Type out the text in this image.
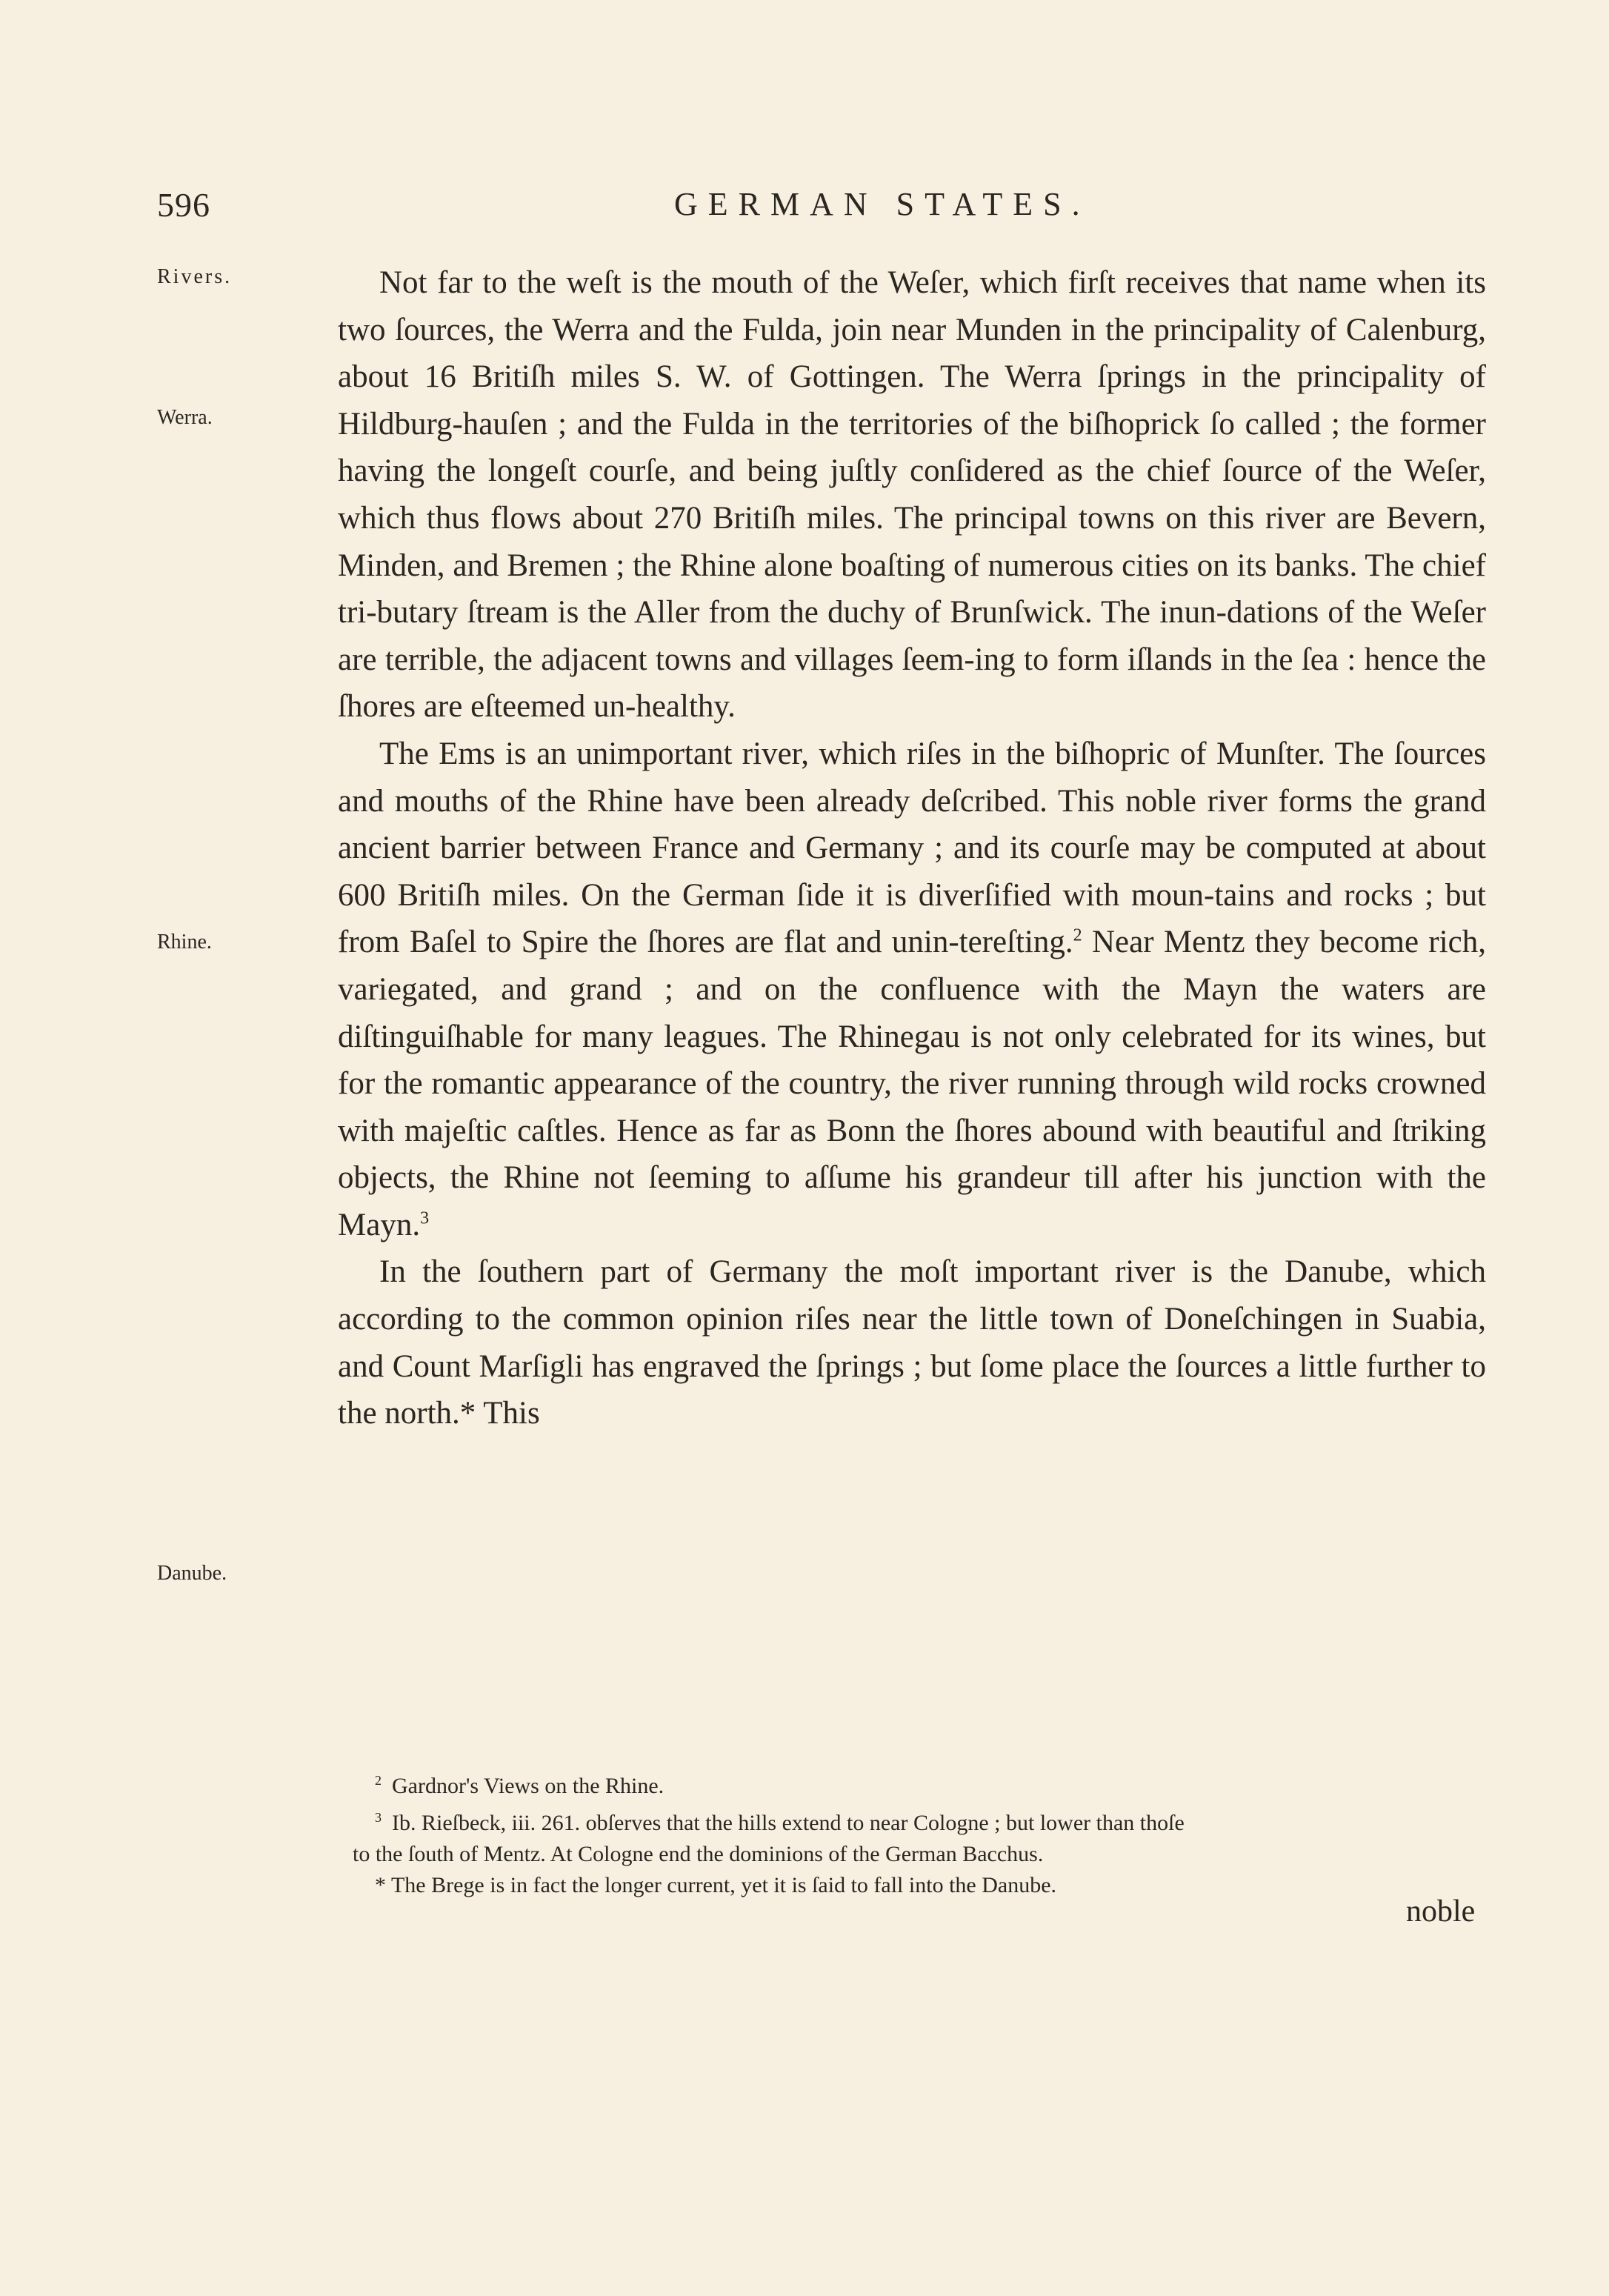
596	GERMAN STATES.
Rivers.
Werra.
Rhine.
Danube.

Not far to the weſt is the mouth of the Weſer, which firſt receives that name when its two ſources, the Werra and the Fulda, join near Munden in the principality of Calenburg, about 16 Britiſh miles S. W. of Gottingen. The Werra ſprings in the principality of Hildburg-hauſen ; and the Fulda in the territories of the biſhoprick ſo called ; the former having the longeſt courſe, and being juſtly conſidered as the chief ſource of the Weſer, which thus flows about 270 Britiſh miles. The principal towns on this river are Bevern, Minden, and Bremen ; the Rhine alone boaſting of numerous cities on its banks. The chief tri-butary ſtream is the Aller from the duchy of Brunſwick. The inun-dations of the Weſer are terrible, the adjacent towns and villages ſeem-ing to form iſlands in the ſea : hence the ſhores are eſteemed un-healthy.

The Ems is an unimportant river, which riſes in the biſhopric of Munſter. The ſources and mouths of the Rhine have been already deſcribed. This noble river forms the grand ancient barrier between France and Germany ; and its courſe may be computed at about 600 Britiſh miles. On the German ſide it is diverſified with moun-tains and rocks ; but from Baſel to Spire the ſhores are flat and unin-tereſting.$^2$ Near Mentz they become rich, variegated, and grand ; and on the confluence with the Mayn the waters are diſtinguiſhable for many leagues. The Rhinegau is not only celebrated for its wines, but for the romantic appearance of the country, the river running through wild rocks crowned with majeſtic caſtles. Hence as far as Bonn the ſhores abound with beautiful and ſtriking objects, the Rhine not ſeeming to aſſume his grandeur till after his junction with the Mayn.$^3$

In the ſouthern part of Germany the moſt important river is the Danube, which according to the common opinion riſes near the little town of Doneſchingen in Suabia, and Count Marſigli has engraved the ſprings ; but ſome place the ſources a little further to the north.* This

$^2$ Gardnor's Views on the Rhine.

$^3$ Ib. Rieſbeck, iii. 261. obſerves that the hills extend to near Cologne ; but lower than thoſe

to the ſouth of Mentz. At Cologne end the dominions of the German Bacchus.

* The Brege is in fact the longer current, yet it is ſaid to fall into the Danube.

noble
